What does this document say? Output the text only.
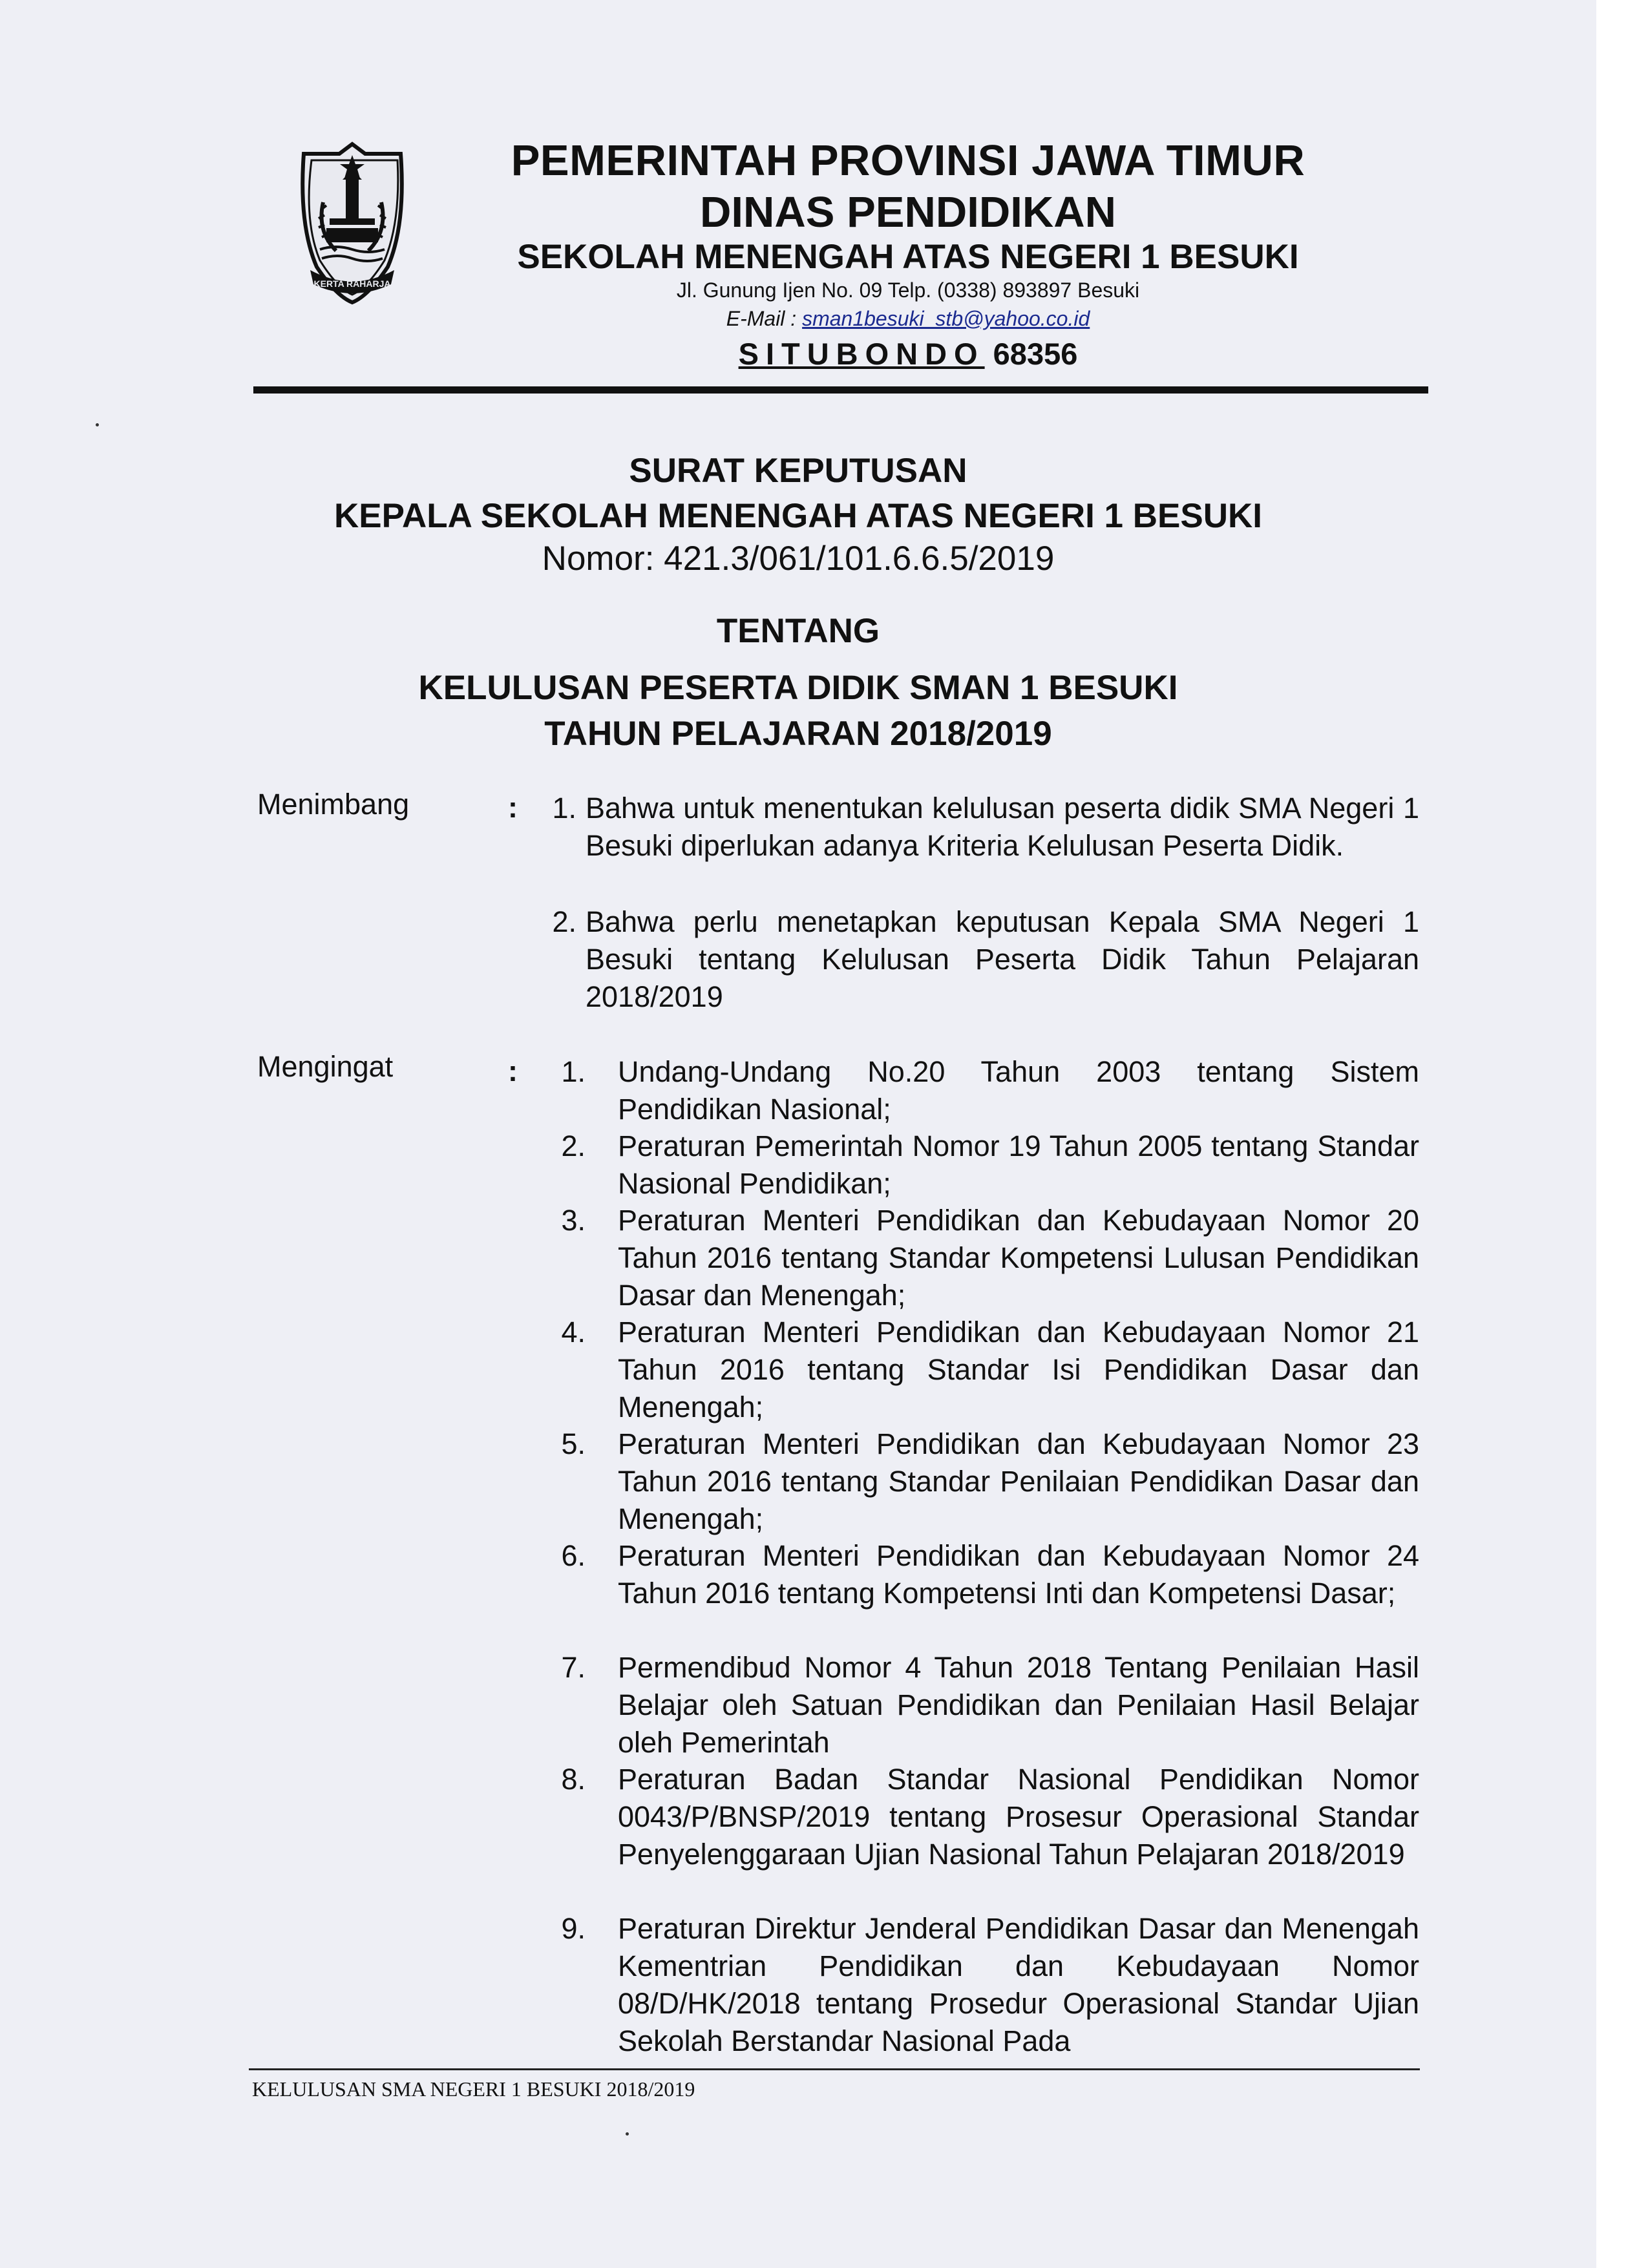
KERTA RAHARJA
PEMERINTAH PROVINSI JAWA TIMUR
DINAS PENDIDIKAN
SEKOLAH MENENGAH ATAS NEGERI 1 BESUKI
Jl. Gunung Ijen No. 09 Telp. (0338) 893897 Besuki
E-Mail : sman1besuki_stb@yahoo.co.id
SITUBONDO 68356
SURAT KEPUTUSAN
KEPALA SEKOLAH MENENGAH ATAS NEGERI 1 BESUKI
Nomor: 421.3/061/101.6.6.5/2019
TENTANG
KELULUSAN PESERTA DIDIK SMAN 1 BESUKI
TAHUN PELAJARAN 2018/2019
Menimbang	: 1. Bahwa untuk menentukan kelulusan peserta didik SMA Negeri 1 Besuki diperlukan adanya Kriteria Kelulusan Peserta Didik.
2. Bahwa perlu menetapkan keputusan Kepala SMA Negeri 1 Besuki tentang Kelulusan Peserta Didik Tahun Pelajaran 2018/2019
Mengingat	:	1. Undang-Undang No.20 Tahun 2003 tentang Sistem Pendidikan Nasional;
2. Peraturan Pemerintah Nomor 19 Tahun 2005 tentang Standar Nasional Pendidikan;
3. Peraturan Menteri Pendidikan dan Kebudayaan Nomor 20 Tahun 2016 tentang Standar Kompetensi Lulusan Pendidikan Dasar dan Menengah;
4. Peraturan Menteri Pendidikan dan Kebudayaan Nomor 21 Tahun 2016 tentang Standar Isi Pendidikan Dasar dan Menengah;
5. Peraturan Menteri Pendidikan dan Kebudayaan Nomor 23 Tahun 2016 tentang Standar Penilaian Pendidikan Dasar dan Menengah;
6. Peraturan Menteri Pendidikan dan Kebudayaan Nomor 24 Tahun 2016 tentang Kompetensi Inti dan Kompetensi Dasar;
7. Permendibud Nomor 4 Tahun 2018 Tentang Penilaian Hasil Belajar oleh Satuan Pendidikan dan Penilaian Hasil Belajar oleh Pemerintah
8. Peraturan Badan Standar Nasional Pendidikan Nomor 0043/P/BNSP/2019 tentang Prosesur Operasional Standar Penyelenggaraan Ujian Nasional Tahun Pelajaran 2018/2019
9. Peraturan Direktur Jenderal Pendidikan Dasar dan Menengah Kementrian Pendidikan dan Kebudayaan Nomor 08/D/HK/2018 tentang Prosedur Operasional Standar Ujian Sekolah Berstandar Nasional Pada
KELULUSAN SMA NEGERI 1 BESUKI 2018/2019
